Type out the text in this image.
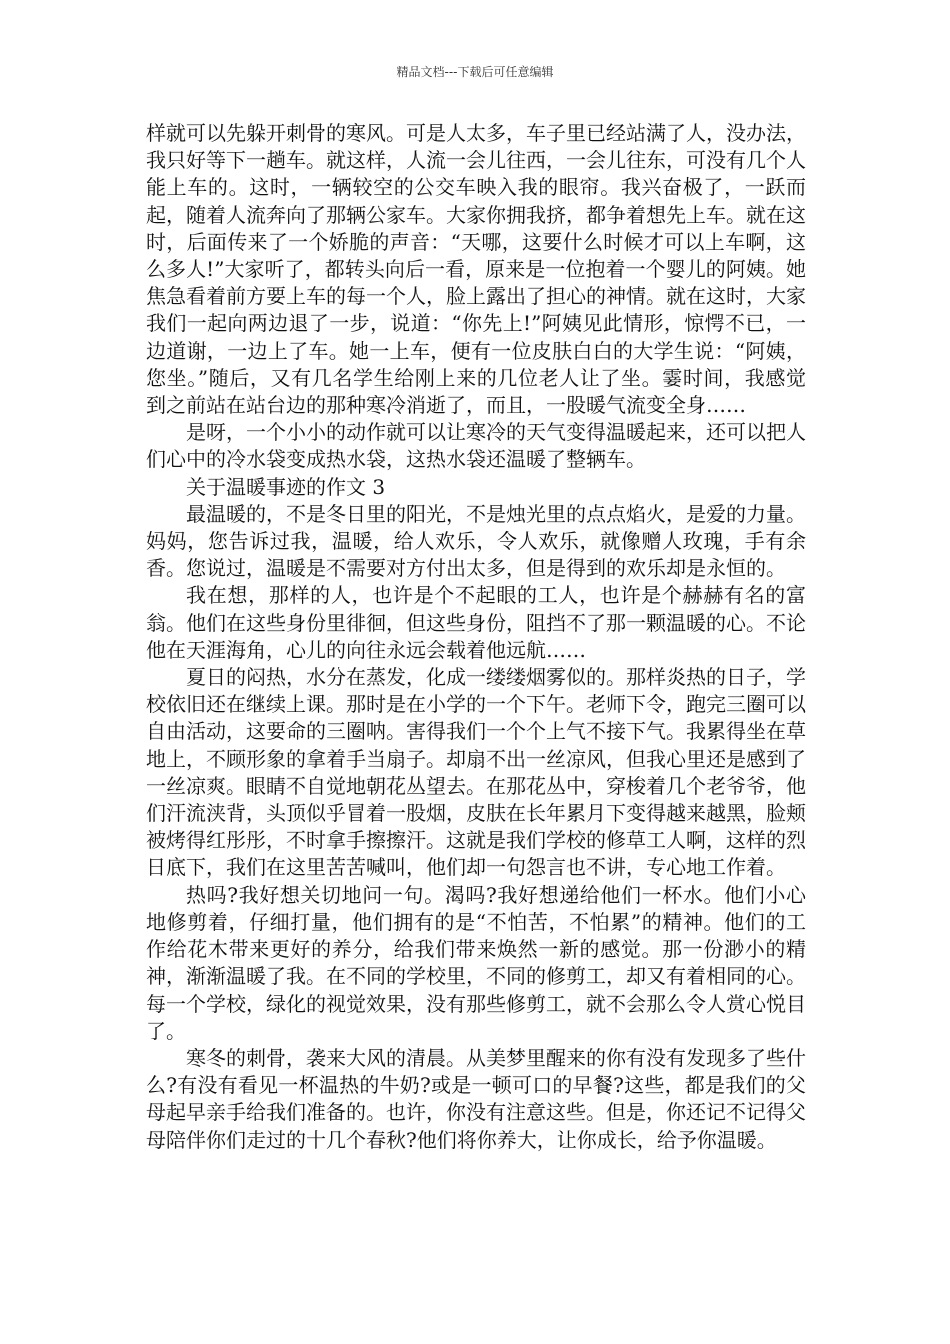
精品文档---下载后可任意编辑

样就可以先躲开刺骨的寒风。可是人太多，车子里已经站满了人，没办法，我只好等下一趟车。就这样，人流一会儿往西，一会儿往东，可没有几个人能上车的。这时，一辆较空的公交车映入我的眼帘。我兴奋极了，一跃而起，随着人流奔向了那辆公家车。大家你拥我挤，都争着想先上车。就在这时，后面传来了一个娇脆的声音：“天哪，这要什么时候才可以上车啊，这么多人!”大家听了，都转头向后一看，原来是一位抱着一个婴儿的阿姨。她焦急看着前方要上车的每一个人，脸上露出了担心的神情。就在这时，大家我们一起向两边退了一步，说道：“你先上!”阿姨见此情形，惊愕不已，一边道谢，一边上了车。她一上车，便有一位皮肤白白的大学生说：“阿姨，您坐。”随后，又有几名学生给刚上来的几位老人让了坐。霎时间，我感觉到之前站在站台边的那种寒冷消逝了，而且，一股暖气流变全身……

是呀，一个小小的动作就可以让寒冷的天气变得温暖起来，还可以把人们心中的冷水袋变成热水袋，这热水袋还温暖了整辆车。

关于温暖事迹的作文 3

最温暖的，不是冬日里的阳光，不是烛光里的点点焰火，是爱的力量。妈妈，您告诉过我，温暖，给人欢乐，令人欢乐，就像赠人玫瑰，手有余香。您说过，温暖是不需要对方付出太多，但是得到的欢乐却是永恒的。

我在想，那样的人，也许是个不起眼的工人，也许是个赫赫有名的富翁。他们在这些身份里徘徊，但这些身份，阻挡不了那一颗温暖的心。不论他在天涯海角，心儿的向往永远会载着他远航……

夏日的闷热，水分在蒸发，化成一缕缕烟雾似的。那样炎热的日子，学校依旧还在继续上课。那时是在小学的一个下午。老师下令，跑完三圈可以自由活动，这要命的三圈呐。害得我们一个个上气不接下气。我累得坐在草地上，不顾形象的拿着手当扇子。却扇不出一丝凉风，但我心里还是感到了一丝凉爽。眼睛不自觉地朝花丛望去。在那花丛中，穿梭着几个老爷爷，他们汗流浃背，头顶似乎冒着一股烟，皮肤在长年累月下变得越来越黑，脸颊被烤得红彤彤，不时拿手擦擦汗。这就是我们学校的修草工人啊，这样的烈日底下，我们在这里苦苦喊叫，他们却一句怨言也不讲，专心地工作着。

热吗?我好想关切地问一句。渴吗?我好想递给他们一杯水。他们小心地修剪着，仔细打量，他们拥有的是“不怕苦，不怕累”的精神。他们的工作给花木带来更好的养分，给我们带来焕然一新的感觉。那一份渺小的精神，渐渐温暖了我。在不同的学校里，不同的修剪工，却又有着相同的心。每一个学校，绿化的视觉效果，没有那些修剪工，就不会那么令人赏心悦目了。

寒冬的刺骨，袭来大风的清晨。从美梦里醒来的你有没有发现多了些什么?有没有看见一杯温热的牛奶?或是一顿可口的早餐?这些，都是我们的父母起早亲手给我们准备的。也许，你没有注意这些。但是，你还记不记得父母陪伴你们走过的十几个春秋?他们将你养大，让你成长，给予你温暖。
